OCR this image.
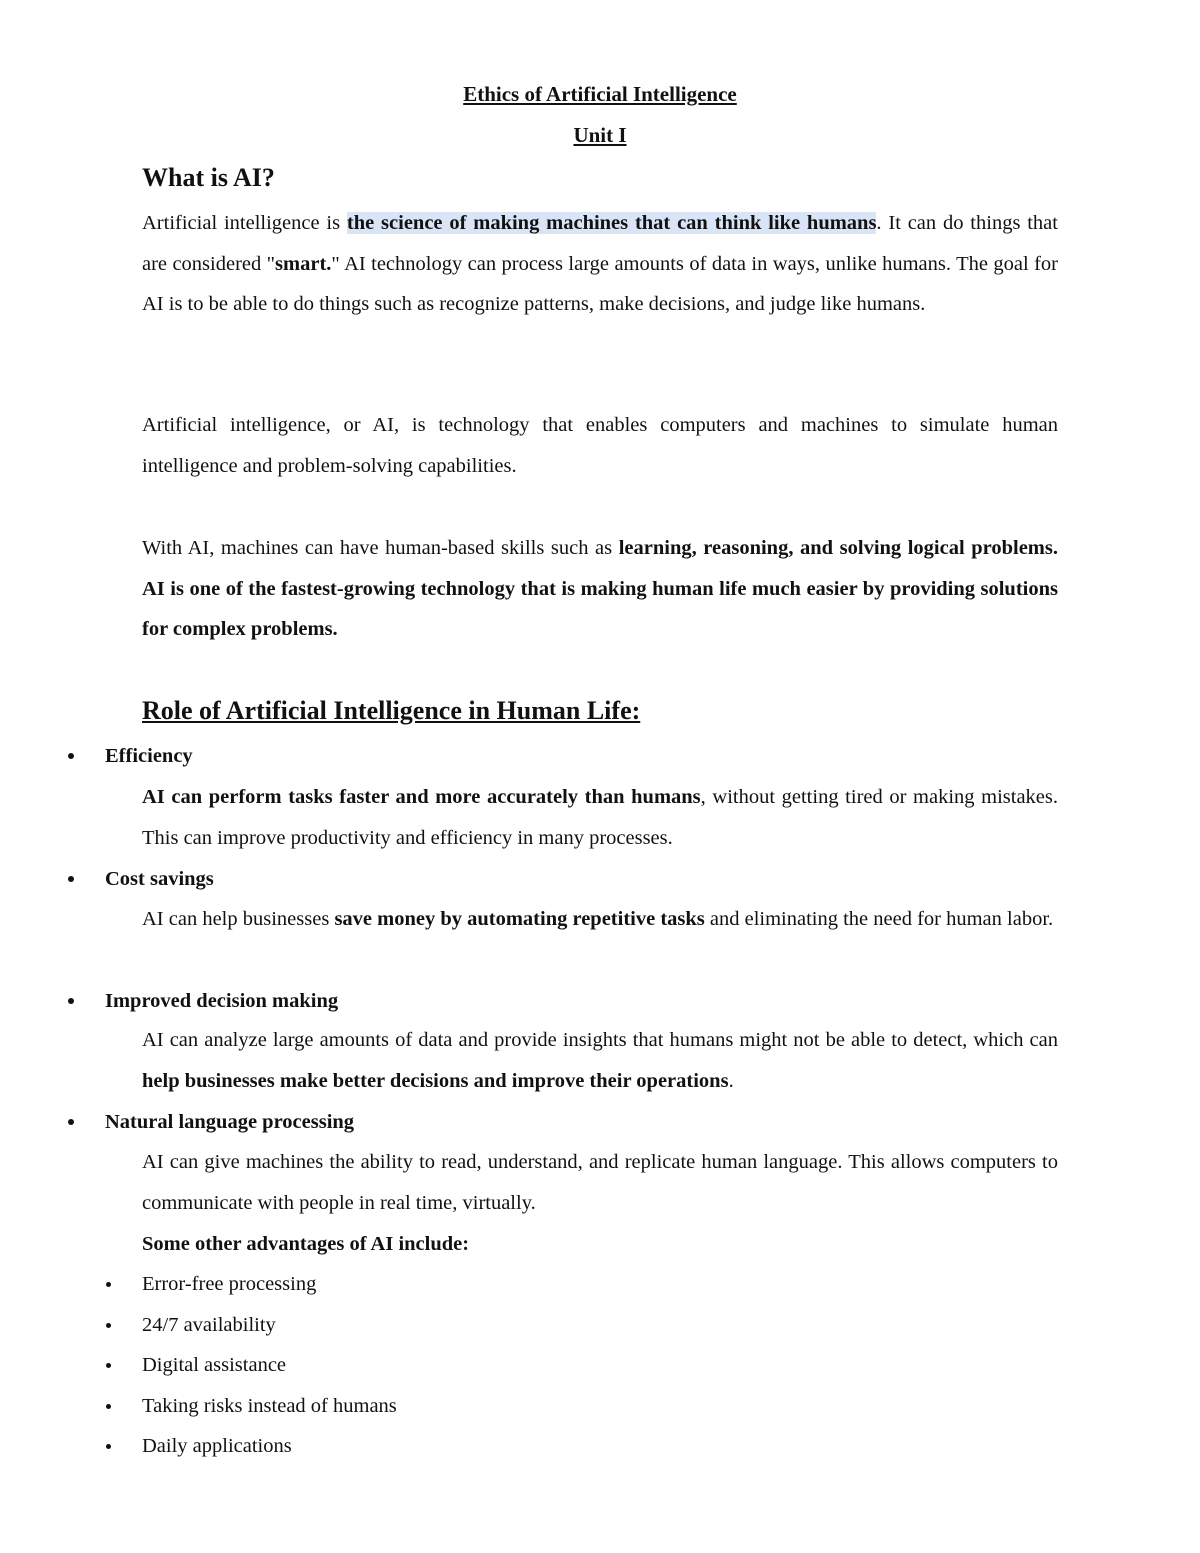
Ethics of Artificial Intelligence

Unit I

What is AI?

Artificial intelligence is the science of making machines that can think like humans. It can do things that are considered "smart." AI technology can process large amounts of data in ways, unlike humans. The goal for AI is to be able to do things such as recognize patterns, make decisions, and judge like humans.

Artificial intelligence, or AI, is technology that enables computers and machines to simulate human intelligence and problem-solving capabilities.

With AI, machines can have human-based skills such as learning, reasoning, and solving logical problems. AI is one of the fastest-growing technology that is making human life much easier by providing solutions for complex problems.

Role of Artificial Intelligence in Human Life:
Efficiency

AI can perform tasks faster and more accurately than humans, without getting tired or making mistakes. This can improve productivity and efficiency in many processes.

Cost savings

AI can help businesses save money by automating repetitive tasks and eliminating the need for human labor.

Improved decision making

AI can analyze large amounts of data and provide insights that humans might not be able to detect, which can help businesses make better decisions and improve their operations.

Natural language processing

AI can give machines the ability to read, understand, and replicate human language. This allows computers to communicate with people in real time, virtually.

Some other advantages of AI include:

Error-free processing
24/7 availability
Digital assistance
Taking risks instead of humans
Daily applications
